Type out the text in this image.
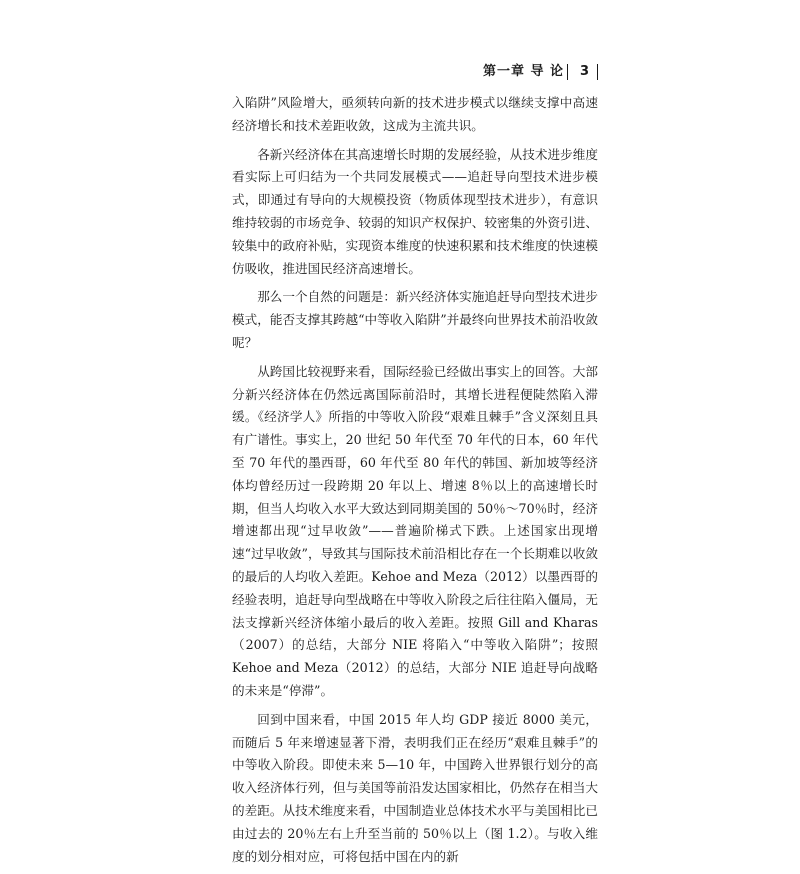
第一章 导 论 3

入陷阱”风险增大，亟须转向新的技术进步模式以继续支撑中高速经济增长和技术差距收敛，这成为主流共识。

各新兴经济体在其高速增长时期的发展经验，从技术进步维度看实际上可归结为一个共同发展模式——追赶导向型技术进步模式，即通过有导向的大规模投资（物质体现型技术进步），有意识维持较弱的市场竞争、较弱的知识产权保护、较密集的外资引进、较集中的政府补贴，实现资本维度的快速积累和技术维度的快速模仿吸收，推进国民经济高速增长。

那么一个自然的问题是：新兴经济体实施追赶导向型技术进步模式，能否支撑其跨越“中等收入陷阱”并最终向世界技术前沿收敛呢？

从跨国比较视野来看，国际经验已经做出事实上的回答。大部分新兴经济体在仍然远离国际前沿时，其增长进程便陡然陷入滞缓。《经济学人》所指的中等收入阶段“艰难且棘手”含义深刻且具有广谱性。事实上，20 世纪 50 年代至 70 年代的日本，60 年代至 70 年代的墨西哥，60 年代至 80 年代的韩国、新加坡等经济体均曾经历过一段跨期 20 年以上、增速 8％以上的高速增长时期，但当人均收入水平大致达到同期美国的 50％～70％时，经济增速都出现“过早收敛”——普遍阶梯式下跌。上述国家出现增速“过早收敛”，导致其与国际技术前沿相比存在一个长期难以收敛的最后的人均收入差距。Kehoe and Meza（2012）以墨西哥的经验表明，追赶导向型战略在中等收入阶段之后往往陷入僵局，无法支撑新兴经济体缩小最后的收入差距。按照 Gill and Kharas（2007）的总结，大部分 NIE 将陷入“中等收入陷阱”；按照 Kehoe and Meza（2012）的总结，大部分 NIE 追赶导向战略的未来是“停滞”。

回到中国来看，中国 2015 年人均 GDP 接近 8000 美元，而随后 5 年来增速显著下滑，表明我们正在经历“艰难且棘手”的中等收入阶段。即使未来 5—10 年，中国跨入世界银行划分的高收入经济体行列，但与美国等前沿发达国家相比，仍然存在相当大的差距。从技术维度来看，中国制造业总体技术水平与美国相比已由过去的 20％左右上升至当前的 50％以上（图 1.2）。与收入维度的划分相对应，可将包括中国在内的新
